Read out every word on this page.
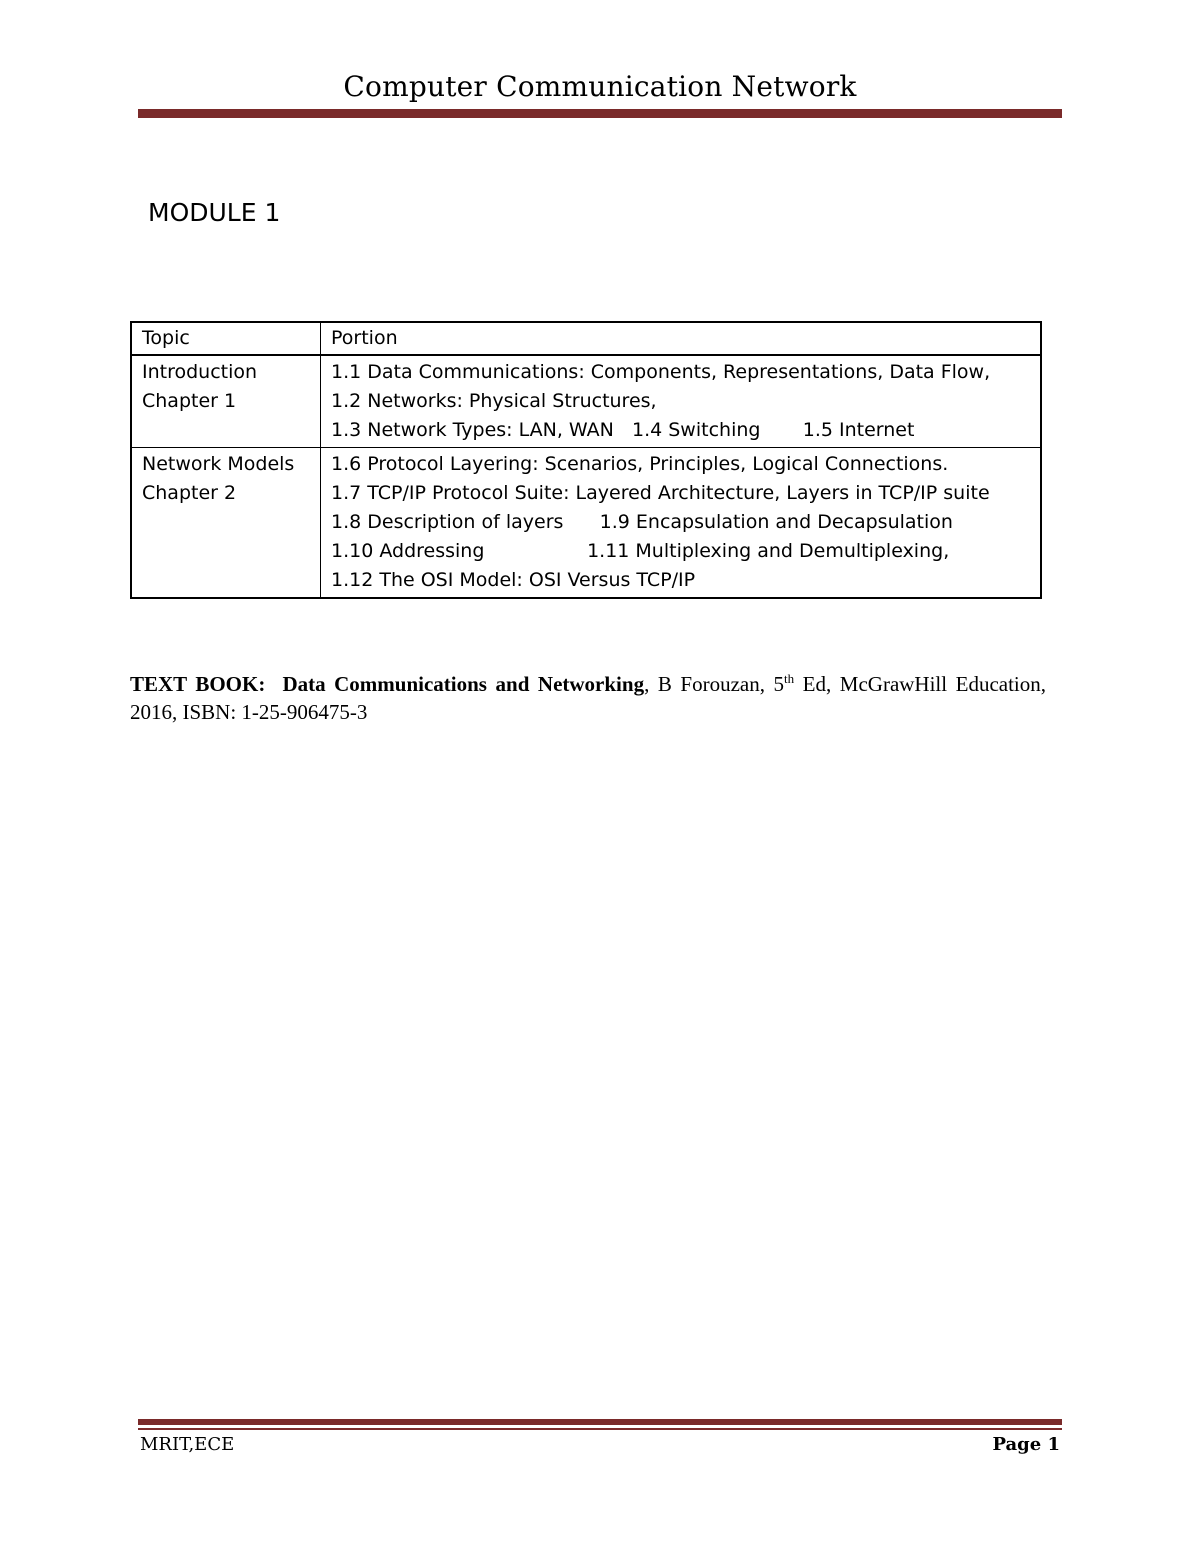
Computer Communication Network
MODULE 1
Topic	Portion

Introduction
Chapter 1	1.1 Data Communications: Components, Representations, Data Flow,
1.2 Networks: Physical Structures,
1.3 Network Types: LAN, WAN   1.4 Switching       1.5 Internet

Network Models
Chapter 2	1.6 Protocol Layering: Scenarios, Principles, Logical Connections.
1.7 TCP/IP Protocol Suite: Layered Architecture, Layers in TCP/IP suite
1.8 Description of layers      1.9 Encapsulation and Decapsulation
1.10 Addressing                 1.11 Multiplexing and Demultiplexing,
1.12 The OSI Model: OSI Versus TCP/IP
TEXT BOOK: Data Communications and Networking, B Forouzan, 5th Ed, McGrawHill Education, 2016, ISBN: 1-25-906475-3
MRIT,ECE	Page 1
